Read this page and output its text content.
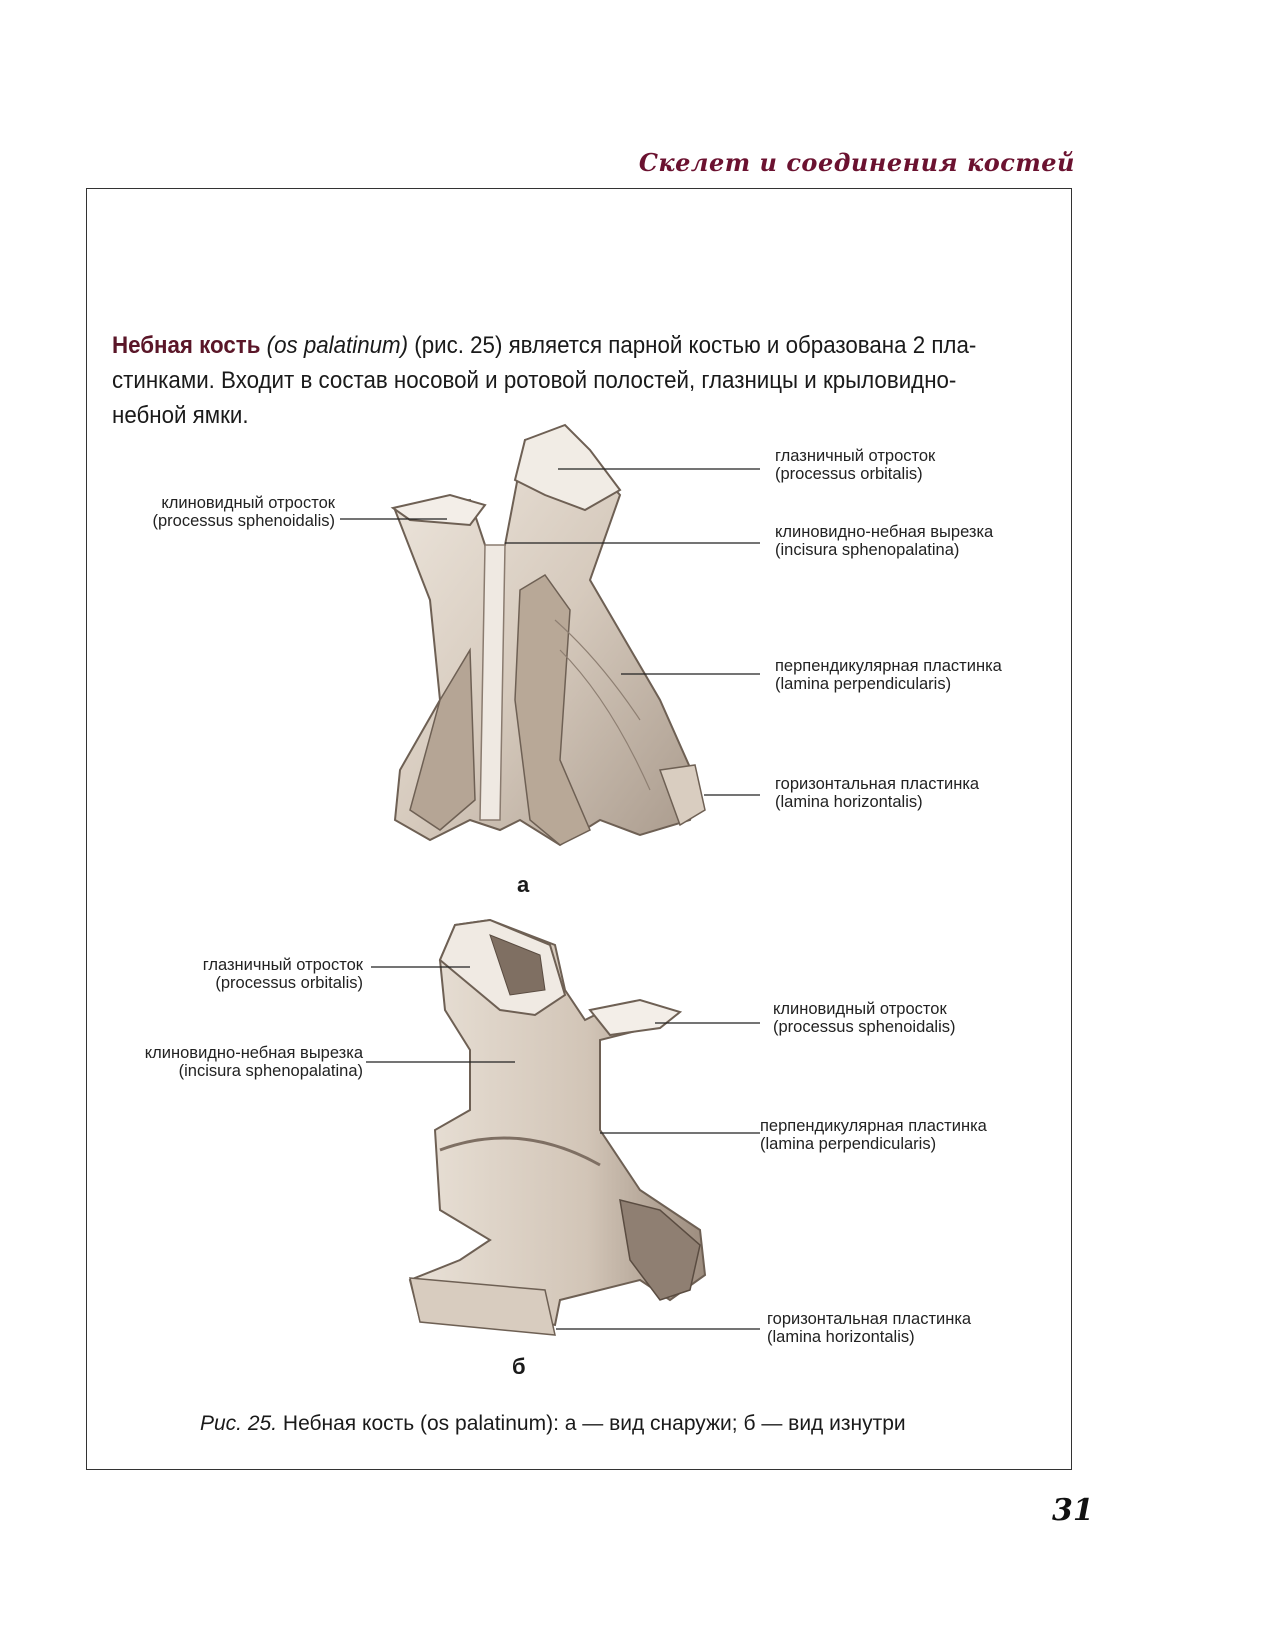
Скелет и соединения костей
Небная кость (os palatinum) (рис. 25) является парной костью и образована 2 пла-стинками. Входит в состав носовой и ротовой полостей, глазницы и крыловидно-небной ямки.
клиновидный отросток
(processus sphenoidalis)
глазничный отросток
(processus orbitalis)
клиновидно-небная вырезка
(incisura sphenopalatina)
перпендикулярная пластинка
(lamina perpendicularis)
горизонтальная пластинка
(lamina horizontalis)
а
глазничный отросток
(processus orbitalis)
клиновидно-небная вырезка
(incisura sphenopalatina)
клиновидный отросток
(processus sphenoidalis)
перпендикулярная пластинка
(lamina perpendicularis)
горизонтальная пластинка
(lamina horizontalis)
б
Рис. 25. Небная кость (os palatinum): а — вид снаружи; б — вид изнутри
31
